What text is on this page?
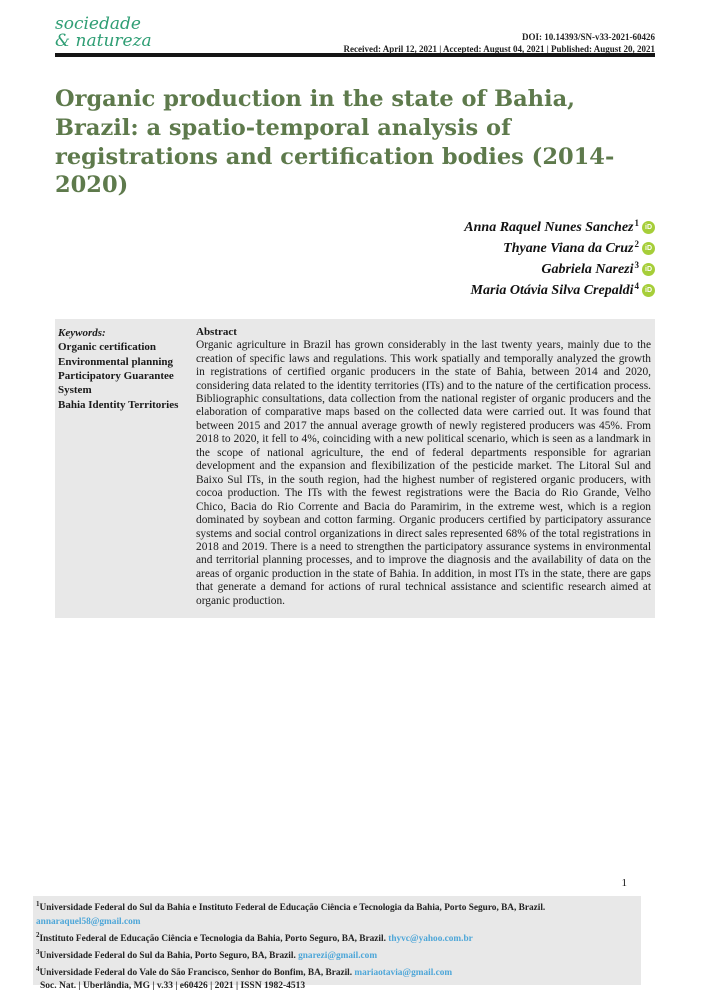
sociedade
& natureza	DOI: 10.14393/SN-v33-2021-60426
Received: April 12, 2021 | Accepted: August 04, 2021 | Published: August 20, 2021
Organic production in the state of Bahia, Brazil: a spatio-temporal analysis of registrations and certification bodies (2014-2020)
Anna Raquel Nunes Sanchez 1 iD
Thyane Viana da Cruz 2 iD
Gabriela Narezi 3 iD
Maria Otávia Silva Crepaldi 4 iD
Keywords:
Organic certification
Environmental planning
Participatory Guarantee System
Bahia Identity Territories
Abstract
Organic agriculture in Brazil has grown considerably in the last twenty years, mainly due to the creation of specific laws and regulations. This work spatially and temporally analyzed the growth in registrations of certified organic producers in the state of Bahia, between 2014 and 2020, considering data related to the identity territories (ITs) and to the nature of the certification process. Bibliographic consultations, data collection from the national register of organic producers and the elaboration of comparative maps based on the collected data were carried out. It was found that between 2015 and 2017 the annual average growth of newly registered producers was 45%. From 2018 to 2020, it fell to 4%, coinciding with a new political scenario, which is seen as a landmark in the scope of national agriculture, the end of federal departments responsible for agrarian development and the expansion and flexibilization of the pesticide market. The Litoral Sul and Baixo Sul ITs, in the south region, had the highest number of registered organic producers, with cocoa production. The ITs with the fewest registrations were the Bacia do Rio Grande, Velho Chico, Bacia do Rio Corrente and Bacia do Paramirim, in the extreme west, which is a region dominated by soybean and cotton farming. Organic producers certified by participatory assurance systems and social control organizations in direct sales represented 68% of the total registrations in 2018 and 2019. There is a need to strengthen the participatory assurance systems in environmental and territorial planning processes, and to improve the diagnosis and the availability of data on the areas of organic production in the state of Bahia. In addition, in most ITs in the state, there are gaps that generate a demand for actions of rural technical assistance and scientific research aimed at organic production.
1
$^1$Universidade Federal do Sul da Bahia e Instituto Federal de Educação Ciência e Tecnologia da Bahia, Porto Seguro, BA, Brazil. annaraquel58@gmail.com
$^2$Instituto Federal de Educação Ciência e Tecnologia da Bahia, Porto Seguro, BA, Brazil. thyvc@yahoo.com.br
$^3$Universidade Federal do Sul da Bahia, Porto Seguro, BA, Brazil. gnarezi@gmail.com
$^4$Universidade Federal do Vale do São Francisco, Senhor do Bonfim, BA, Brazil. mariaotavia@gmail.com
Soc. Nat. | Uberlândia, MG | v.33 | e60426 | 2021 | ISSN 1982-4513
